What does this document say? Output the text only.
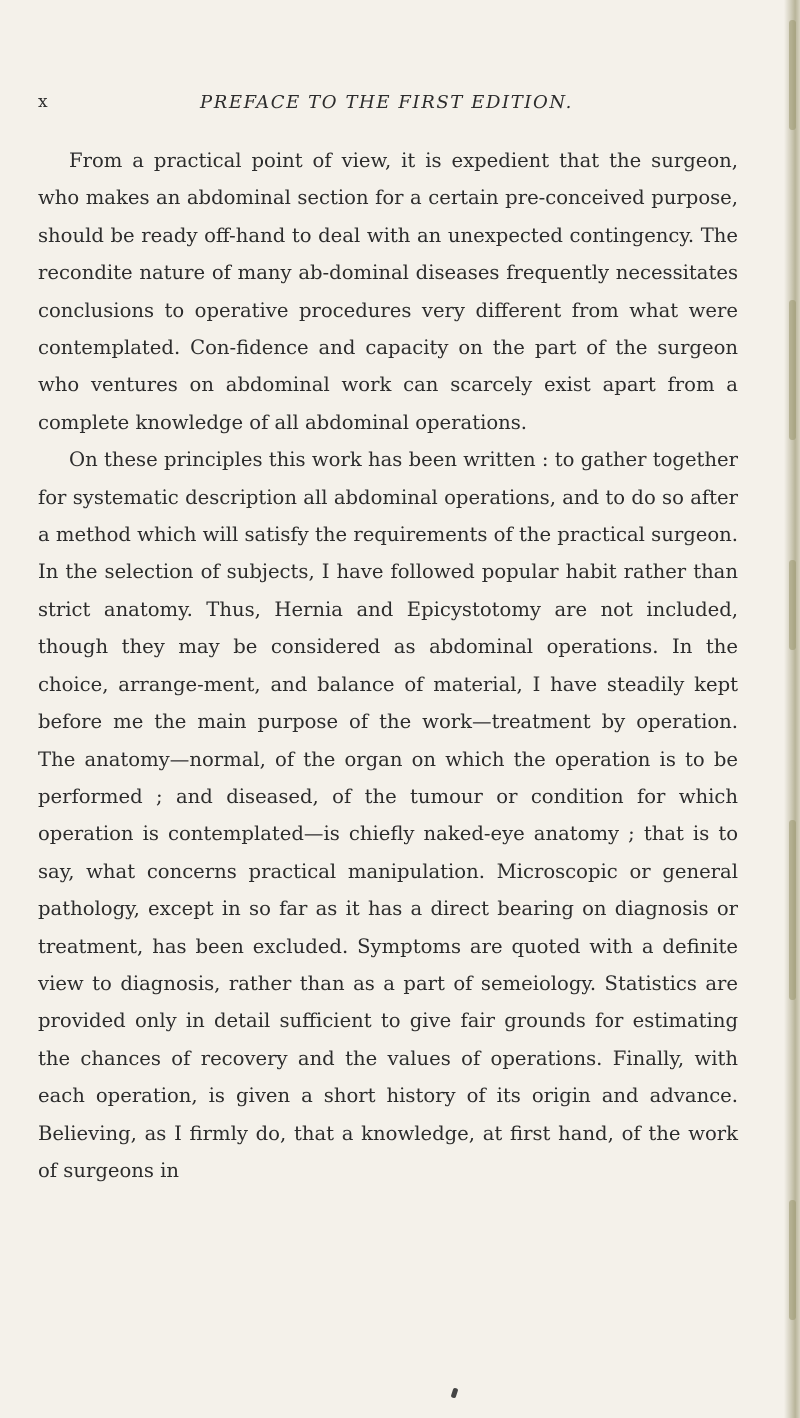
x	PREFACE TO THE FIRST EDITION.

From a practical point of view, it is expedient that the surgeon, who makes an abdominal section for a certain pre-conceived purpose, should be ready off-hand to deal with an unexpected contingency. The recondite nature of many ab-dominal diseases frequently necessitates conclusions to operative procedures very different from what were contemplated. Con-fidence and capacity on the part of the surgeon who ventures on abdominal work can scarcely exist apart from a complete knowledge of all abdominal operations.

On these principles this work has been written : to gather together for systematic description all abdominal operations, and to do so after a method which will satisfy the requirements of the practical surgeon. In the selection of subjects, I have followed popular habit rather than strict anatomy. Thus, Hernia and Epicystotomy are not included, though they may be considered as abdominal operations. In the choice, arrange-ment, and balance of material, I have steadily kept before me the main purpose of the work—treatment by operation. The anatomy—normal, of the organ on which the operation is to be performed ; and diseased, of the tumour or condition for which operation is contemplated—is chiefly naked-eye anatomy ; that is to say, what concerns practical manipulation. Microscopic or general pathology, except in so far as it has a direct bearing on diagnosis or treatment, has been excluded. Symptoms are quoted with a definite view to diagnosis, rather than as a part of semeiology. Statistics are provided only in detail sufficient to give fair grounds for estimating the chances of recovery and the values of operations. Finally, with each operation, is given a short history of its origin and advance. Believing, as I firmly do, that a knowledge, at first hand, of the work of surgeons in
